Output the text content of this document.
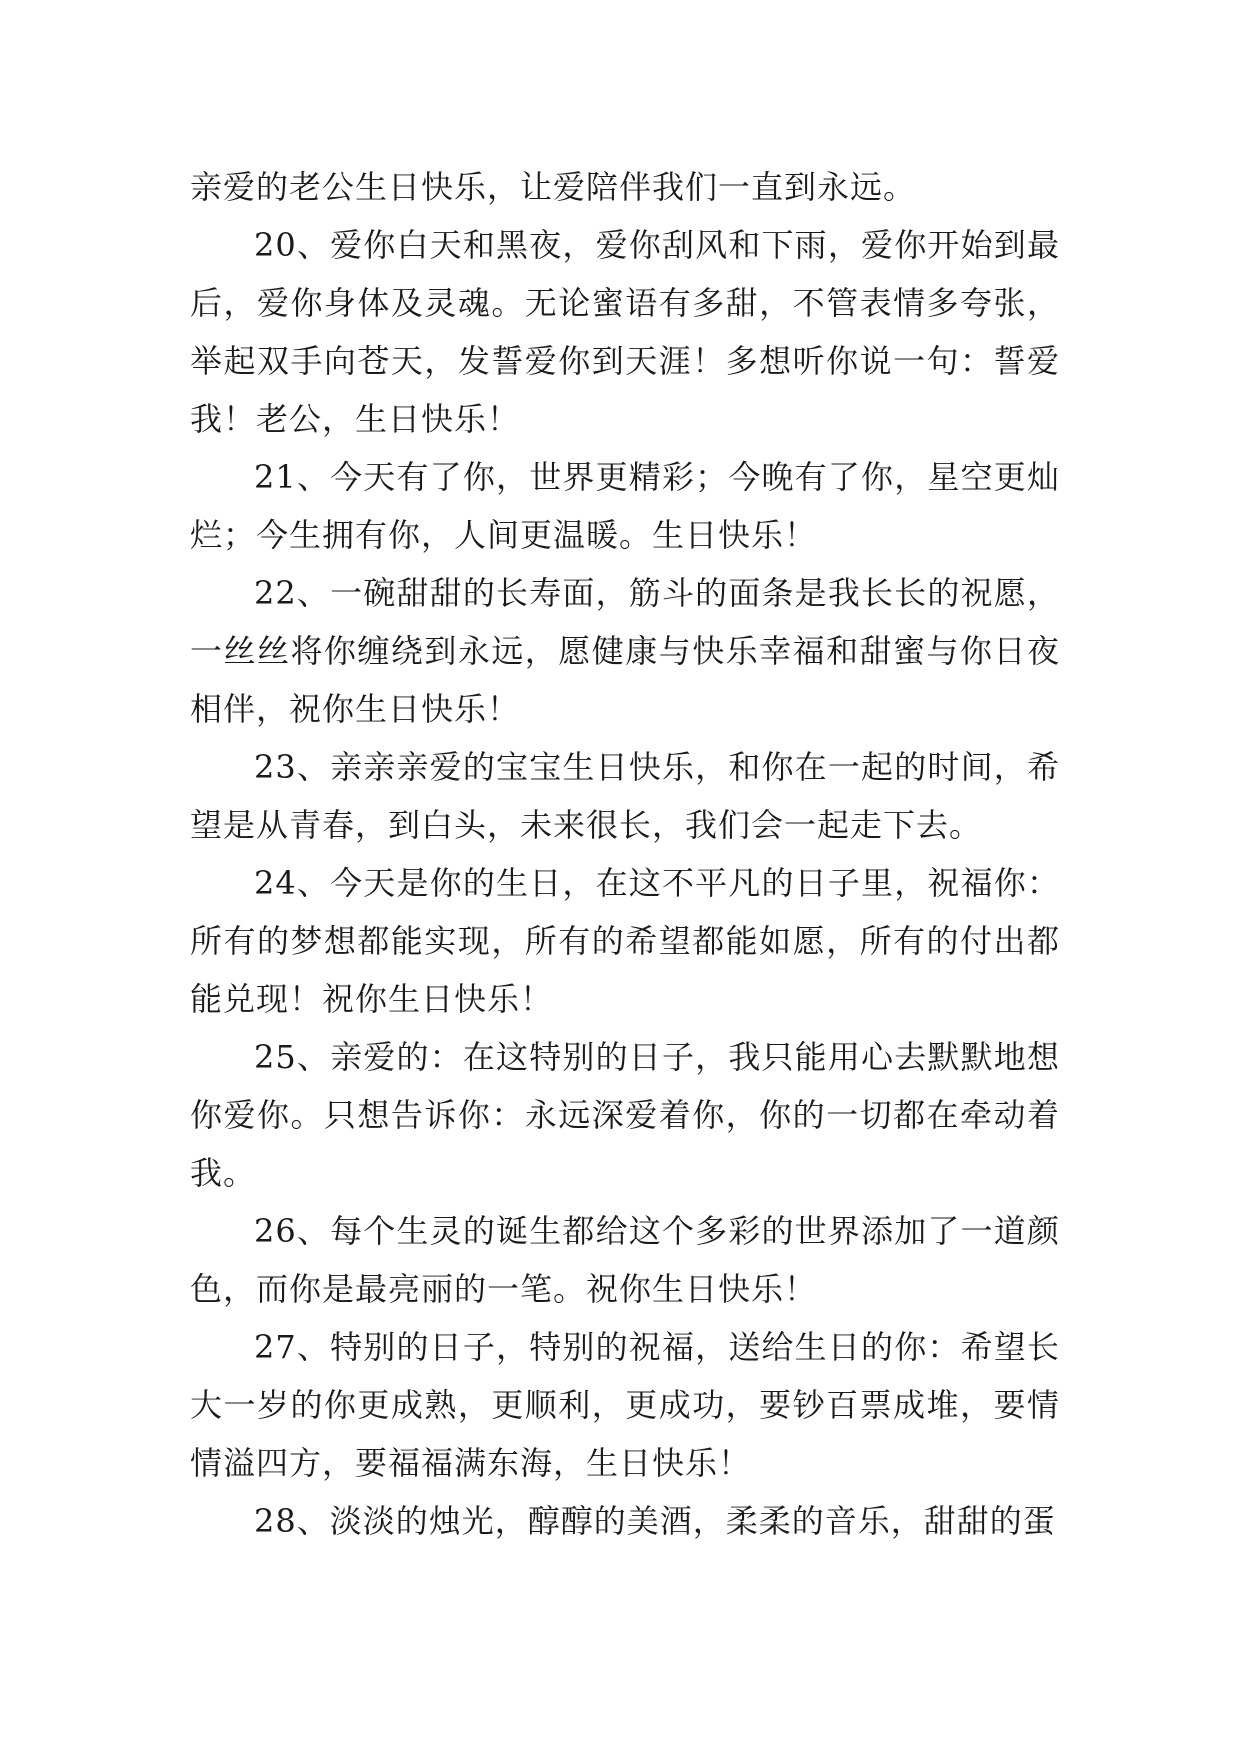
亲爱的老公生日快乐，让爱陪伴我们一直到永远。

20、爱你白天和黑夜，爱你刮风和下雨，爱你开始到最后，爱你身体及灵魂。无论蜜语有多甜，不管表情多夸张，举起双手向苍天，发誓爱你到天涯！多想听你说一句：誓爱我！老公，生日快乐！

21、今天有了你，世界更精彩；今晚有了你，星空更灿烂；今生拥有你，人间更温暖。生日快乐！

22、一碗甜甜的长寿面，筋斗的面条是我长长的祝愿，一丝丝将你缠绕到永远，愿健康与快乐幸福和甜蜜与你日夜相伴，祝你生日快乐！

23、亲亲亲爱的宝宝生日快乐，和你在一起的时间，希望是从青春，到白头，未来很长，我们会一起走下去。

24、今天是你的生日，在这不平凡的日子里，祝福你：所有的梦想都能实现，所有的希望都能如愿，所有的付出都能兑现！祝你生日快乐！

25、亲爱的：在这特别的日子，我只能用心去默默地想你爱你。只想告诉你：永远深爱着你，你的一切都在牵动着我。

26、每个生灵的诞生都给这个多彩的世界添加了一道颜色，而你是最亮丽的一笔。祝你生日快乐！

27、特别的日子，特别的祝福，送给生日的你：希望长大一岁的你更成熟，更顺利，更成功，要钞百票成堆，要情情溢四方，要福福满东海，生日快乐！

28、淡淡的烛光，醇醇的美酒，柔柔的音乐，甜甜的蛋
